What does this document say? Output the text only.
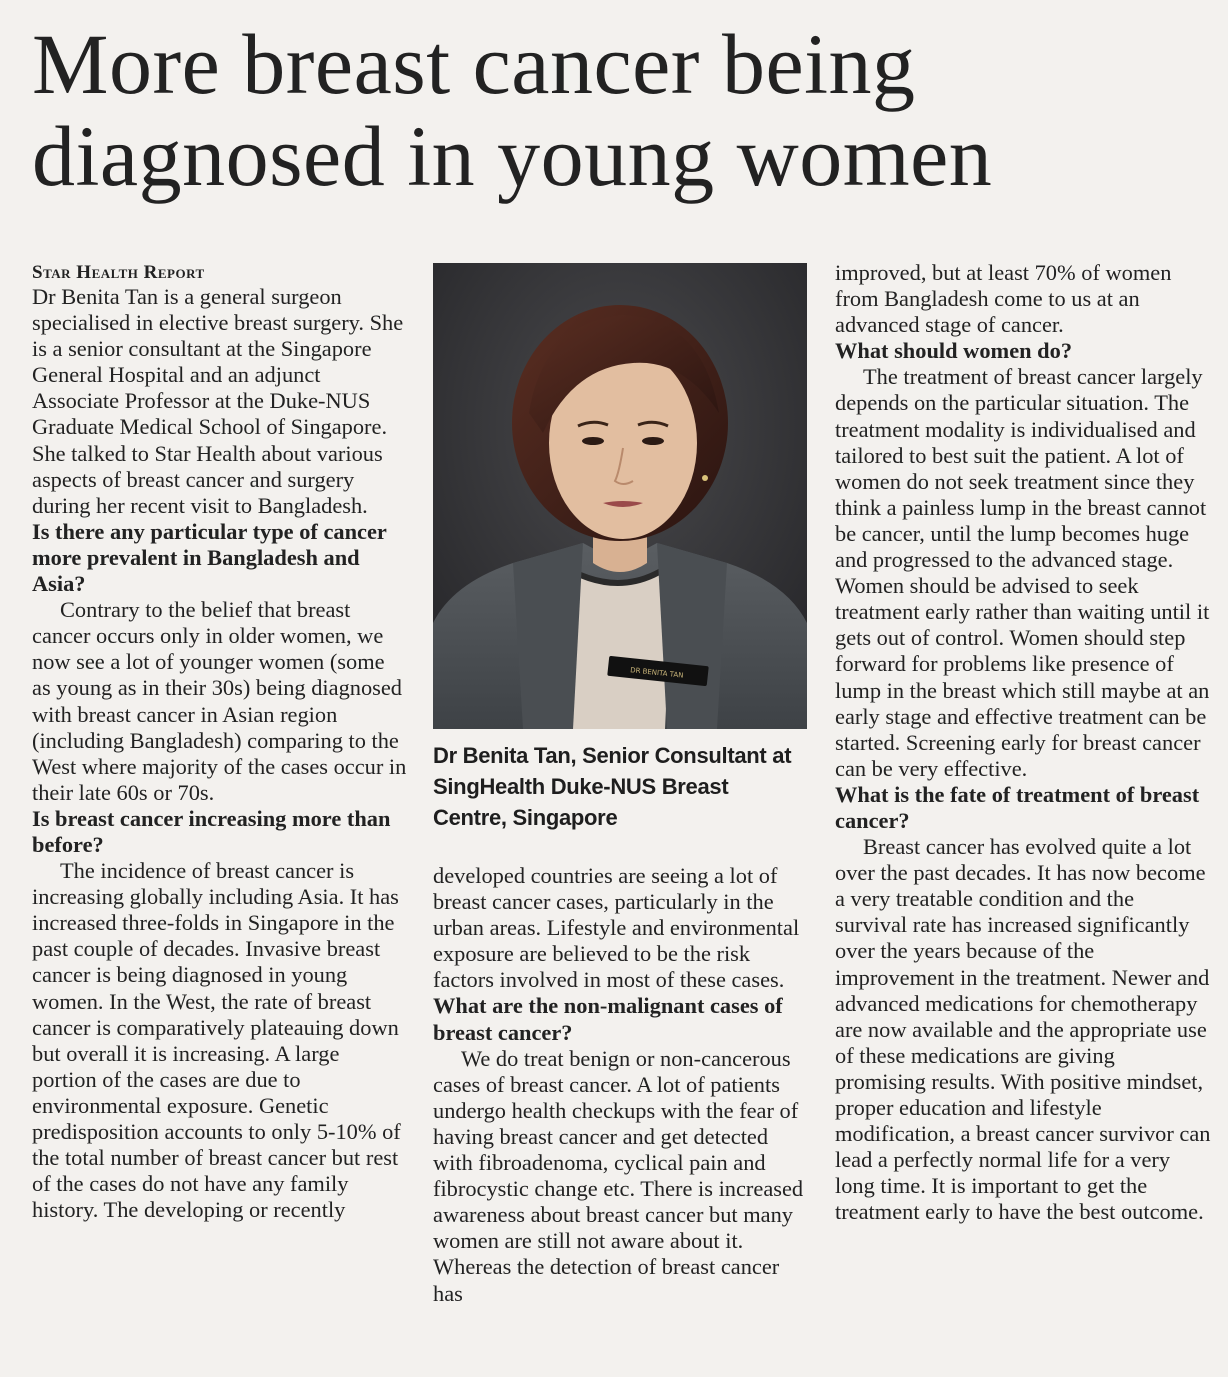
More breast cancer being diagnosed in young women

Star Health Report

Dr Benita Tan is a general surgeon specialised in elective breast surgery. She is a senior consultant at the Singapore General Hospital and an adjunct Associate Professor at the Duke-NUS Graduate Medical School of Singapore. She talked to Star Health about various aspects of breast cancer and surgery during her recent visit to Bangladesh.

Is there any particular type of cancer more prevalent in Bangladesh and Asia?

Contrary to the belief that breast cancer occurs only in older women, we now see a lot of younger women (some as young as in their 30s) being diagnosed with breast cancer in Asian region (including Bangladesh) comparing to the West where majority of the cases occur in their late 60s or 70s.

Is breast cancer increasing more than before?

The incidence of breast cancer is increasing globally including Asia. It has increased three-folds in Singapore in the past couple of decades. Invasive breast cancer is being diagnosed in young women. In the West, the rate of breast cancer is comparatively plateauing down but overall it is increasing. A large portion of the cases are due to environmental exposure. Genetic predisposition accounts to only 5-10% of the total number of breast cancer but rest of the cases do not have any family history. The developing or recently

DR BENITA TAN
Dr Benita Tan, Senior Consultant at SingHealth Duke-NUS Breast Centre, Singapore

developed countries are seeing a lot of breast cancer cases, particularly in the urban areas. Lifestyle and environmental exposure are believed to be the risk factors involved in most of these cases.

What are the non-malignant cases of breast cancer?

We do treat benign or non-cancerous cases of breast cancer. A lot of patients undergo health checkups with the fear of having breast cancer and get detected with fibroadenoma, cyclical pain and fibrocystic change etc. There is increased awareness about breast cancer but many women are still not aware about it. Whereas the detection of breast cancer has

improved, but at least 70% of women from Bangladesh come to us at an advanced stage of cancer.

What should women do?

The treatment of breast cancer largely depends on the particular situation. The treatment modality is individualised and tailored to best suit the patient. A lot of women do not seek treatment since they think a painless lump in the breast cannot be cancer, until the lump becomes huge and progressed to the advanced stage. Women should be advised to seek treatment early rather than waiting until it gets out of control. Women should step forward for problems like presence of lump in the breast which still maybe at an early stage and effective treatment can be started. Screening early for breast cancer can be very effective.

What is the fate of treatment of breast cancer?

Breast cancer has evolved quite a lot over the past decades. It has now become a very treatable condition and the survival rate has increased significantly over the years because of the improvement in the treatment. Newer and advanced medications for chemotherapy are now available and the appropriate use of these medications are giving promising results. With positive mindset, proper education and lifestyle modification, a breast cancer survivor can lead a perfectly normal life for a very long time. It is important to get the treatment early to have the best outcome.
